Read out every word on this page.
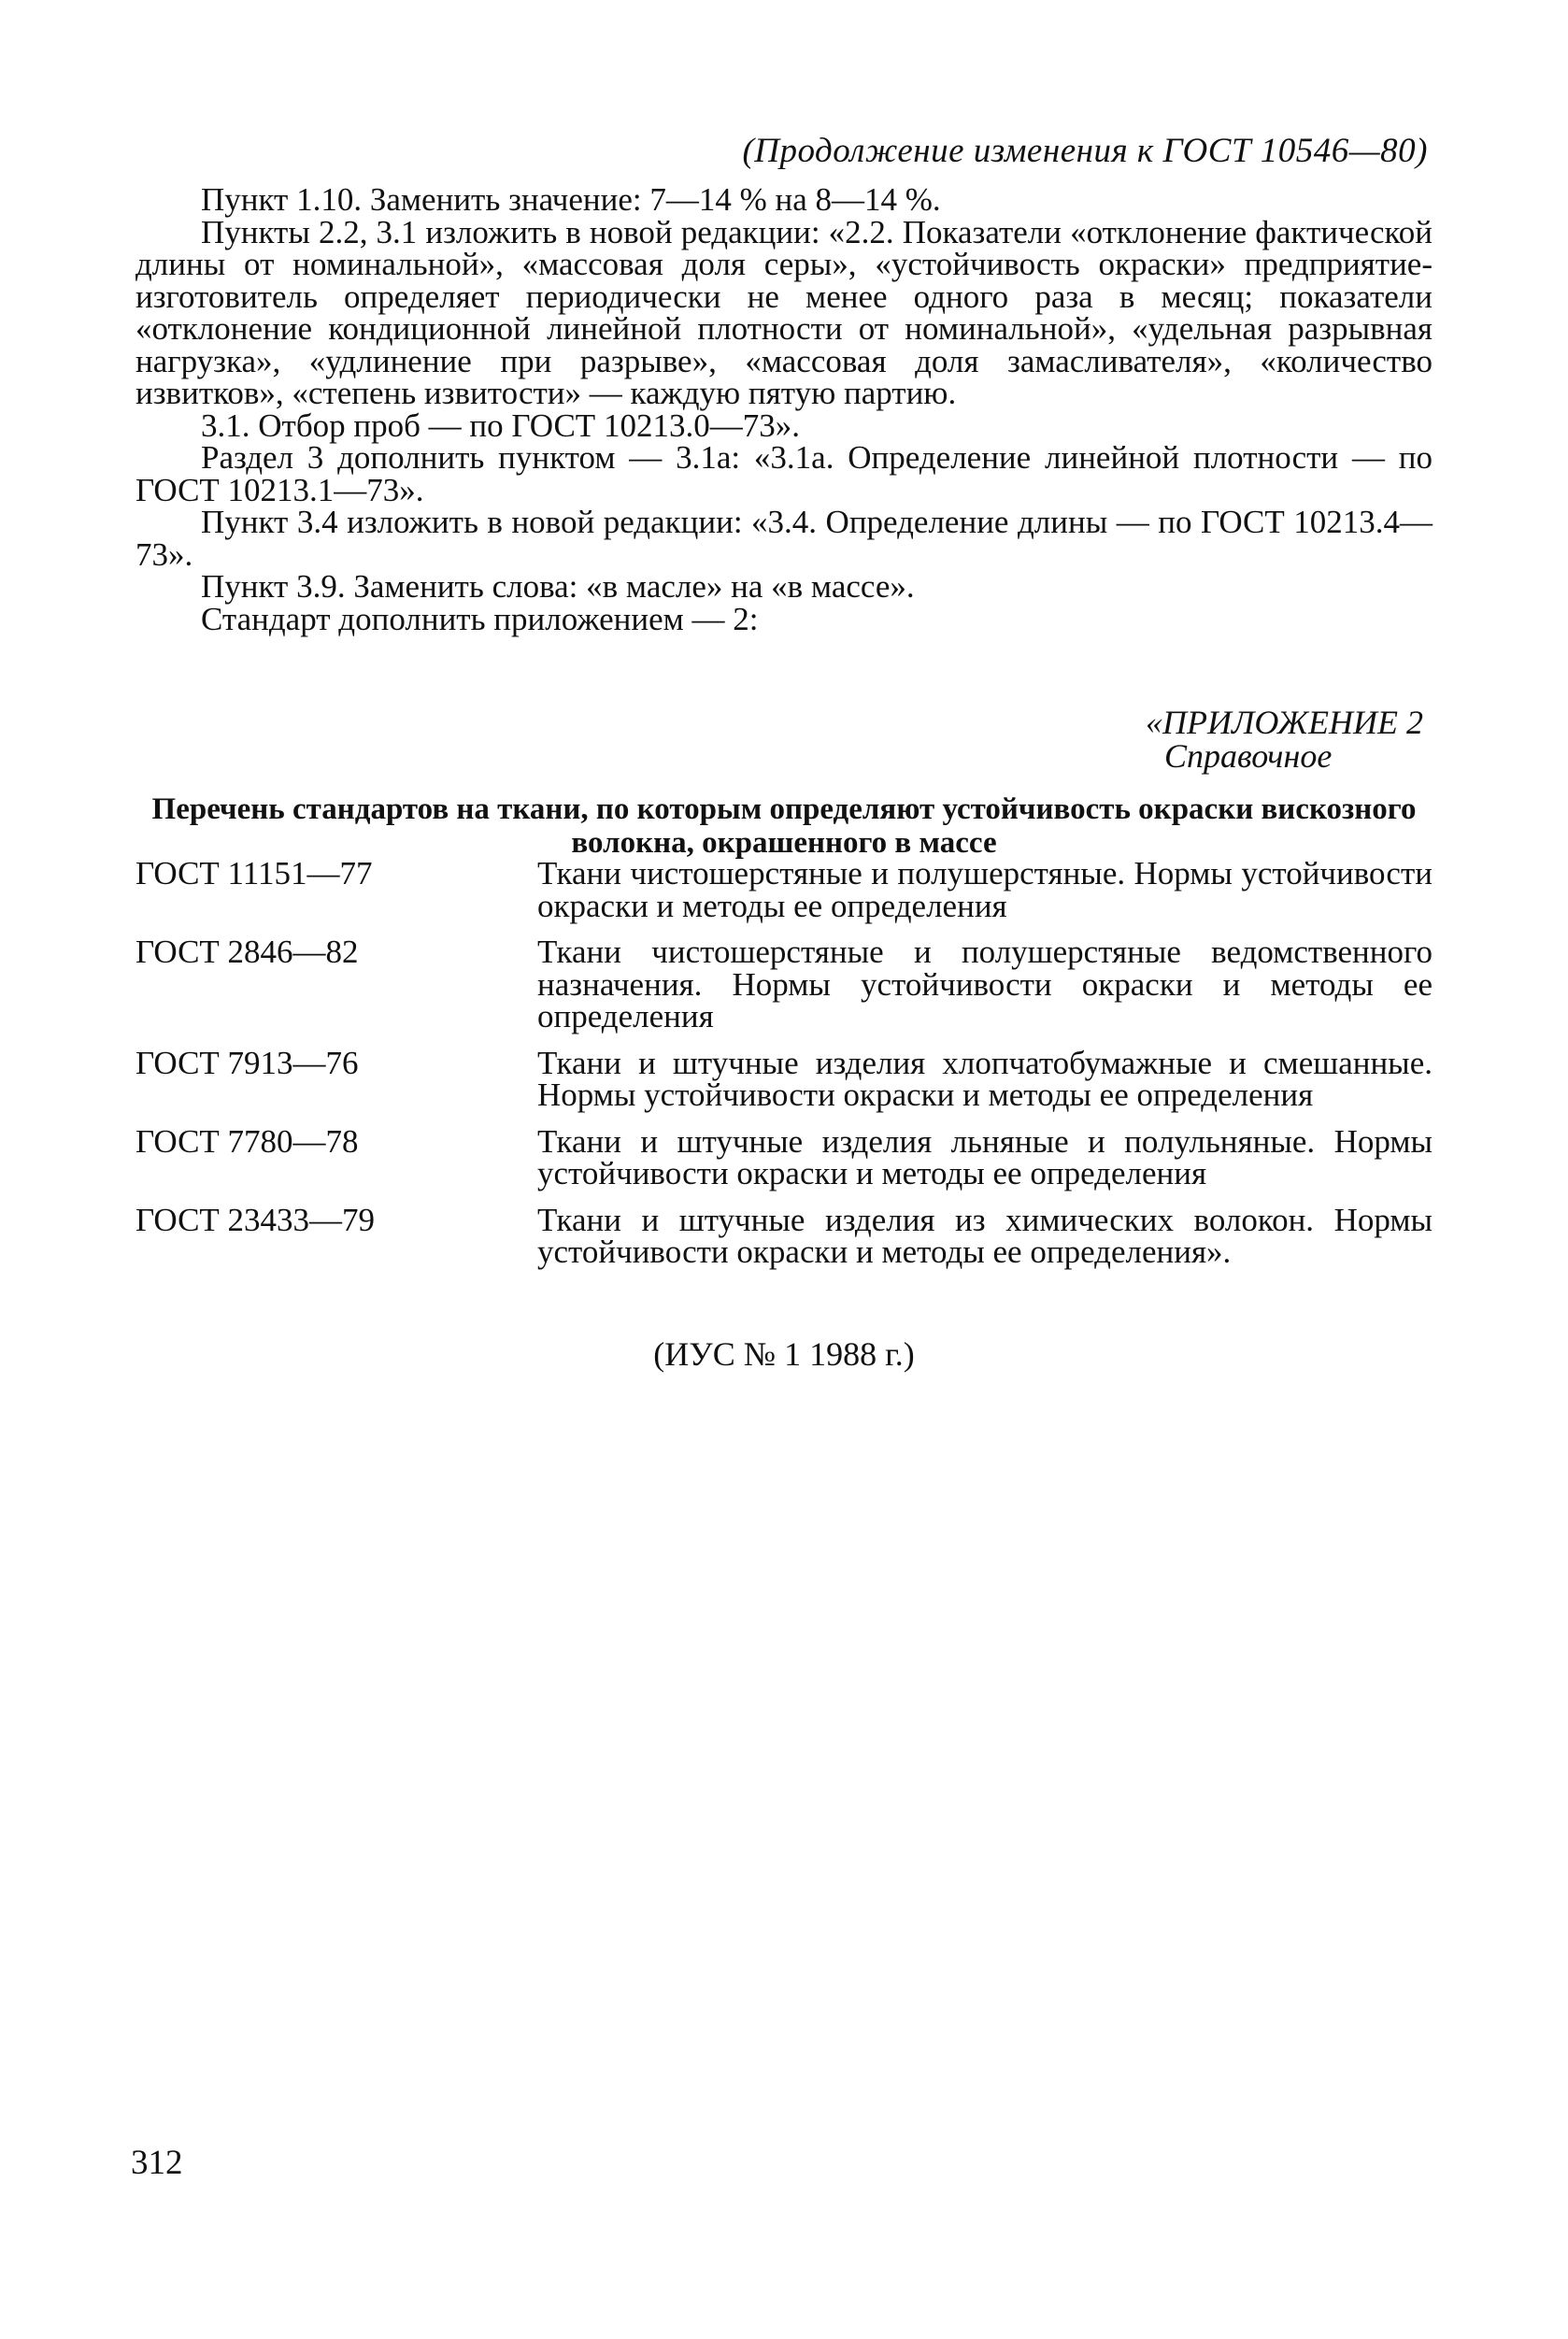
(Продолжение изменения к ГОСТ 10546—80)

Пункт 1.10. Заменить значение: 7—14 % на 8—14 %.

Пункты 2.2, 3.1 изложить в новой редакции: «2.2. Показатели «отклонение фактической длины от номинальной», «массовая доля серы», «устойчивость окраски» предприятие-изготовитель определяет периодически не менее одного раза в месяц; показатели «отклонение кондиционной линейной плотности от номинальной», «удельная разрывная нагрузка», «удлинение при разрыве», «массовая доля замасливателя», «количество извитков», «степень извитости» — каждую пятую партию.

3.1. Отбор проб — по ГОСТ 10213.0—73».

Раздел 3 дополнить пунктом — 3.1а: «3.1а. Определение линейной плотности — по ГОСТ 10213.1—73».

Пункт 3.4 изложить в новой редакции: «3.4. Определение длины — по ГОСТ 10213.4—73».

Пункт 3.9. Заменить слова: «в масле» на «в массе».

Стандарт дополнить приложением — 2:

«ПРИЛОЖЕНИЕ 2
Справочное
Перечень стандартов на ткани, по которым определяют устойчивость окраски вискозного волокна, окрашенного в массе
ГОСТ 11151—77	Ткани чистошерстяные и полушерстяные. Нормы устойчивости окраски и методы ее определения
ГОСТ 2846—82	Ткани чистошерстяные и полушерстяные ведомственного назначения. Нормы устойчивости окраски и методы ее определения
ГОСТ 7913—76	Ткани и штучные изделия хлопчатобумажные и смешанные. Нормы устойчивости окраски и методы ее определения
ГОСТ 7780—78	Ткани и штучные изделия льняные и полульняные. Нормы устойчивости окраски и методы ее определения
ГОСТ 23433—79	Ткани и штучные изделия из химических волокон. Нормы устойчивости окраски и методы ее определения».
(ИУС № 1 1988 г.)
312
